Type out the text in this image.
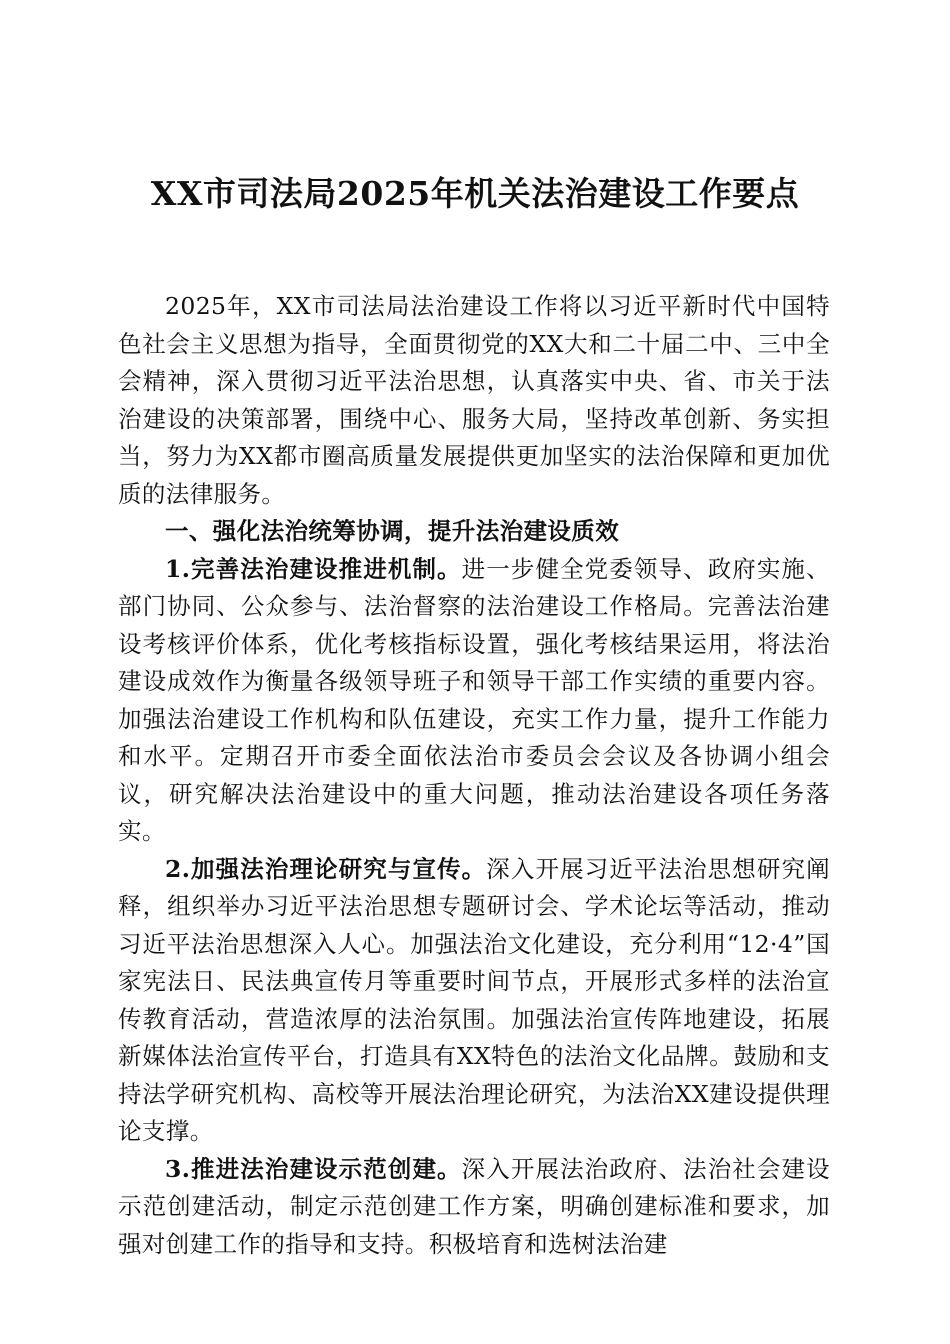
XX市司法局2025年机关法治建设工作要点

2025年，XX市司法局法治建设工作将以习近平新时代中国特色社会主义思想为指导，全面贯彻党的XX大和二十届二中、三中全会精神，深入贯彻习近平法治思想，认真落实中央、省、市关于法治建设的决策部署，围绕中心、服务大局，坚持改革创新、务实担当，努力为XX都市圈高质量发展提供更加坚实的法治保障和更加优质的法律服务。

一、强化法治统筹协调，提升法治建设质效

1.完善法治建设推进机制。进一步健全党委领导、政府实施、部门协同、公众参与、法治督察的法治建设工作格局。完善法治建设考核评价体系，优化考核指标设置，强化考核结果运用，将法治建设成效作为衡量各级领导班子和领导干部工作实绩的重要内容。加强法治建设工作机构和队伍建设，充实工作力量，提升工作能力和水平。定期召开市委全面依法治市委员会会议及各协调小组会议，研究解决法治建设中的重大问题，推动法治建设各项任务落实。

2.加强法治理论研究与宣传。深入开展习近平法治思想研究阐释，组织举办习近平法治思想专题研讨会、学术论坛等活动，推动习近平法治思想深入人心。加强法治文化建设，充分利用“12·4”国家宪法日、民法典宣传月等重要时间节点，开展形式多样的法治宣传教育活动，营造浓厚的法治氛围。加强法治宣传阵地建设，拓展新媒体法治宣传平台，打造具有XX特色的法治文化品牌。鼓励和支持法学研究机构、高校等开展法治理论研究，为法治XX建设提供理论支撑。

3.推进法治建设示范创建。深入开展法治政府、法治社会建设示范创建活动，制定示范创建工作方案，明确创建标准和要求，加强对创建工作的指导和支持。积极培育和选树法治建
